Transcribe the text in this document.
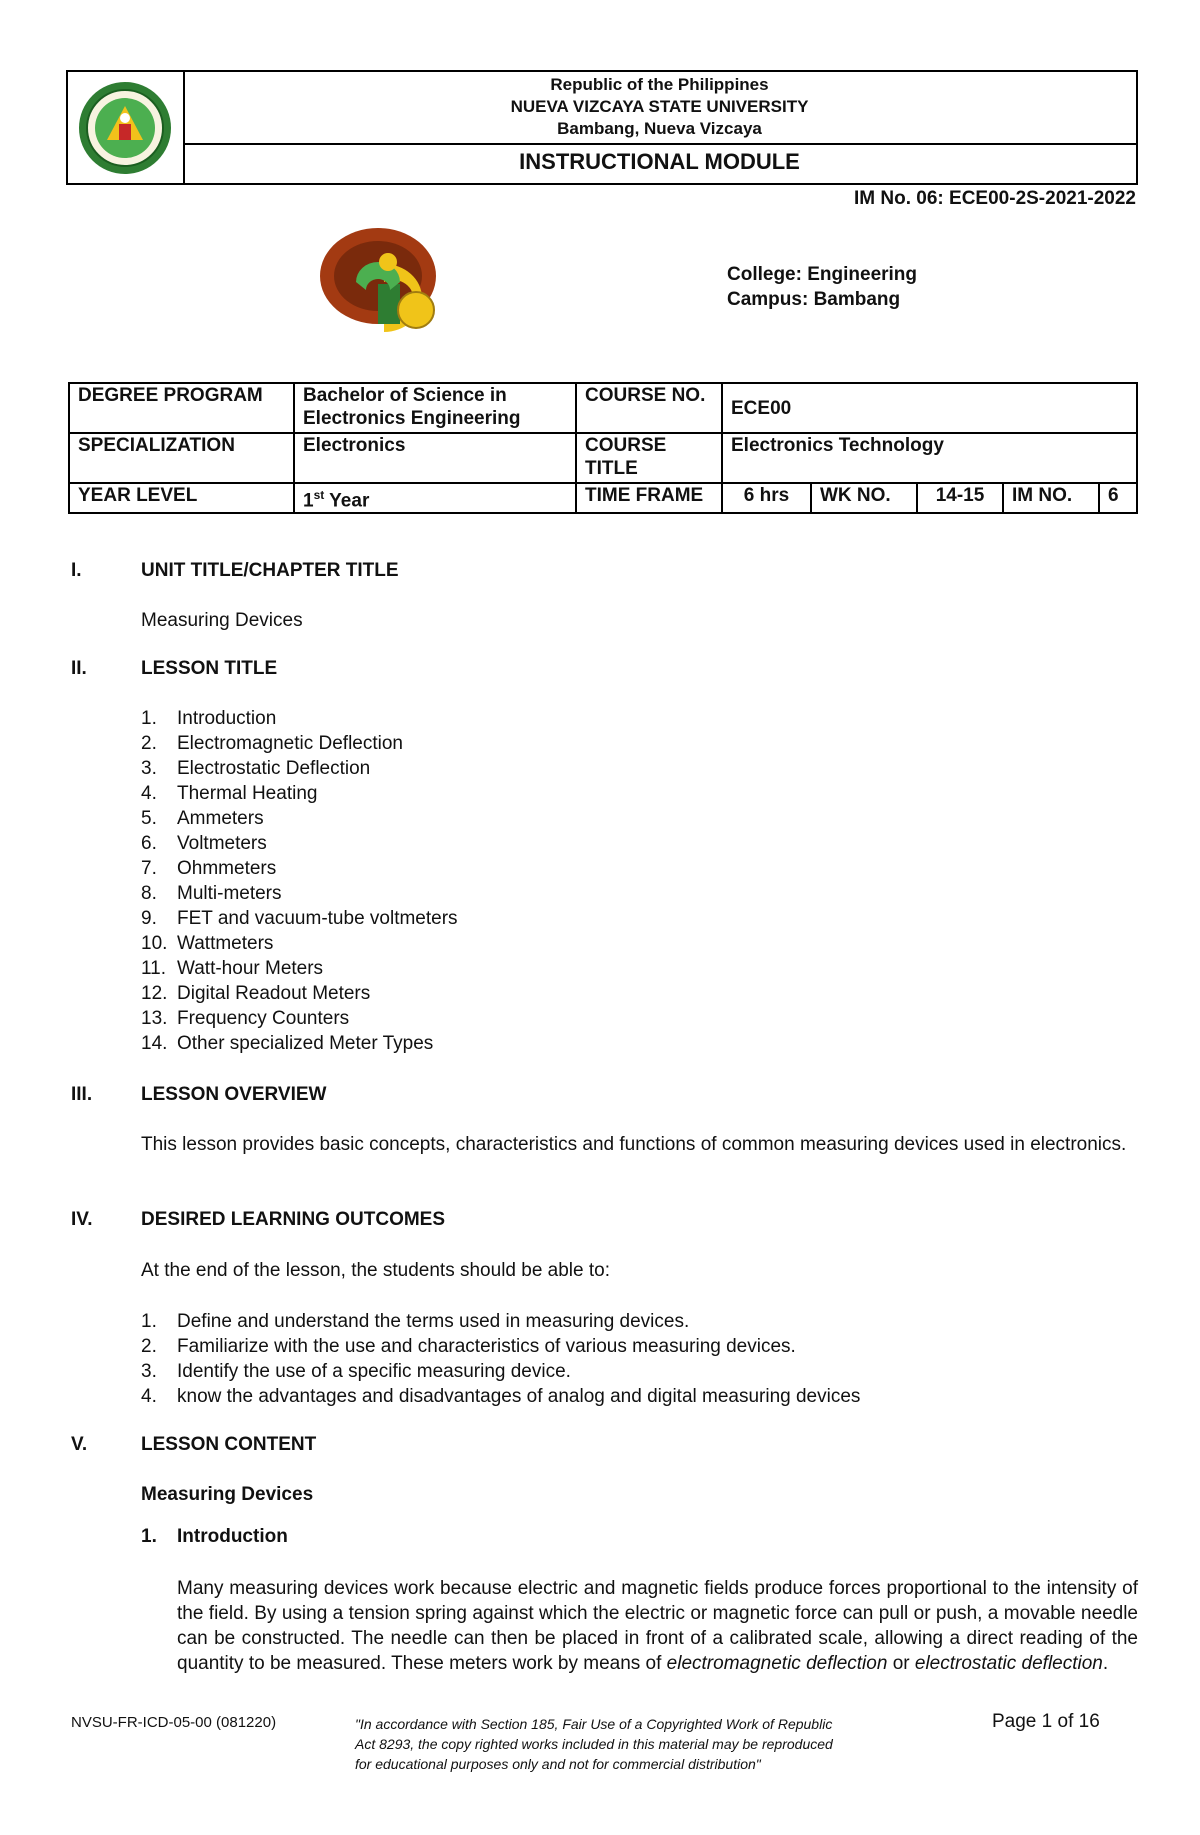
Republic of the Philippines
NUEVA VIZCAYA STATE UNIVERSITY
Bambang, Nueva Vizcaya
INSTRUCTIONAL MODULE
IM No. 06: ECE00-2S-2021-2022
College: Engineering
Campus: Bambang
DEGREE PROGRAM	Bachelor of Science in Electronics Engineering	COURSE NO.	ECE00				
SPECIALIZATION	Electronics	COURSE TITLE	Electronics Technology				
YEAR LEVEL	1st Year	TIME FRAME	6 hrs	WK NO.	14-15	IM NO.	6
I.	UNIT TITLE/CHAPTER TITLE
Measuring Devices
II.	LESSON TITLE
1.	Introduction
2.	Electromagnetic Deflection
3.	Electrostatic Deflection
4.	Thermal Heating
5.	Ammeters
6.	Voltmeters
7.	Ohmmeters
8.	Multi-meters
9.	FET and vacuum-tube voltmeters
10. Wattmeters
11. Watt-hour Meters
12. Digital Readout Meters
13. Frequency Counters
14. Other specialized Meter Types
III.	LESSON OVERVIEW
This lesson provides basic concepts, characteristics and functions of common measuring devices used in electronics.
IV.	DESIRED LEARNING OUTCOMES
At the end of the lesson, the students should be able to:
1.	Define and understand the terms used in measuring devices.
2.	Familiarize with the use and characteristics of various measuring devices.
3.	Identify the use of a specific measuring device.
4.	know the advantages and disadvantages of analog and digital measuring devices
V.	LESSON CONTENT
Measuring Devices
1. Introduction
Many measuring devices work because electric and magnetic fields produce forces proportional to the intensity of the field. By using a tension spring against which the electric or magnetic force can pull or push, a movable needle can be constructed. The needle can then be placed in front of a calibrated scale, allowing a direct reading of the quantity to be measured. These meters work by means of electromagnetic deflection or electrostatic deflection.
NVSU-FR-ICD-05-00 (081220)	"In accordance with Section 185, Fair Use of a Copyrighted Work of Republic
Act 8293, the copy righted works included in this material may be reproduced
for educational purposes only and not for commercial distribution"
Page 1 of 16
